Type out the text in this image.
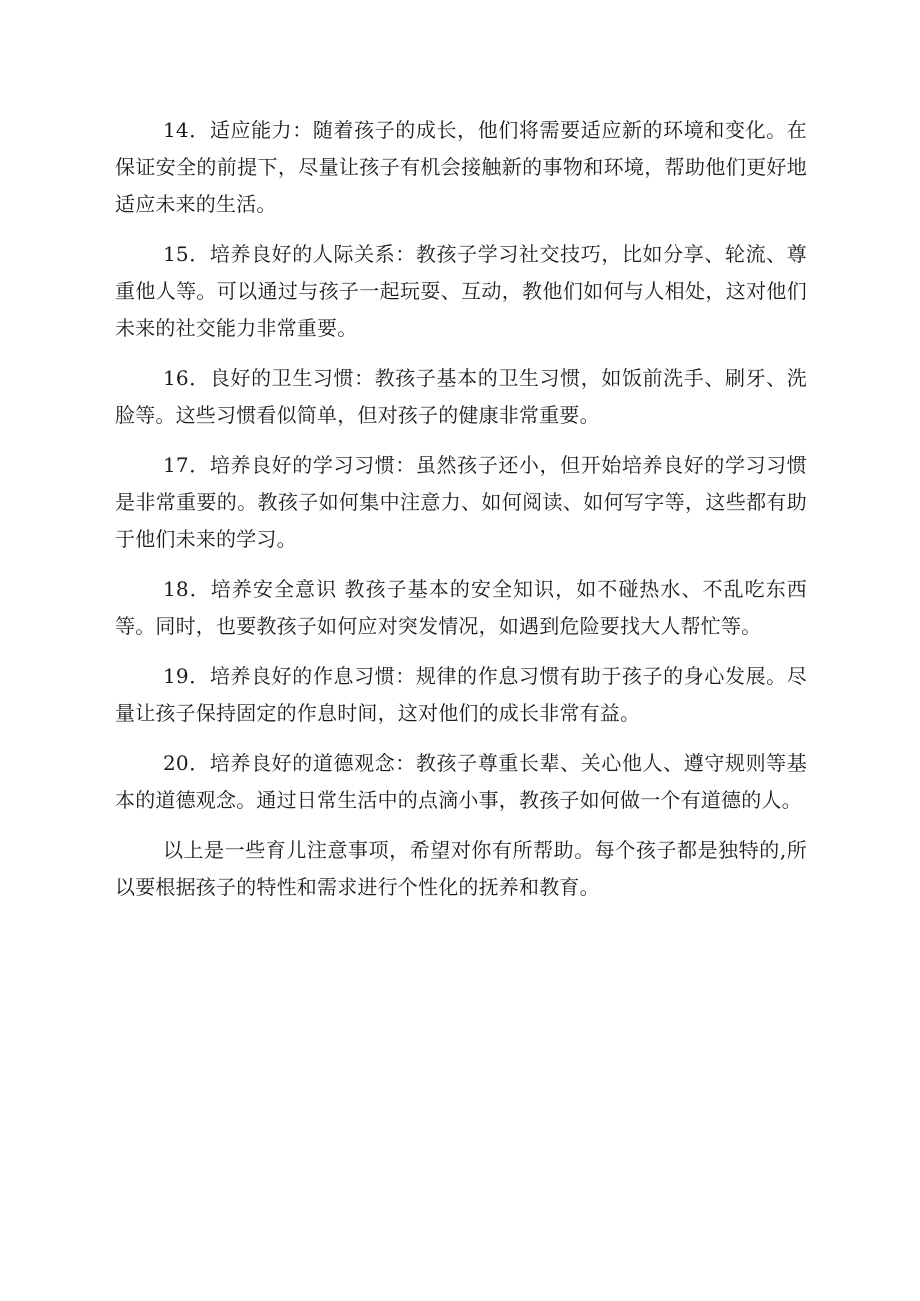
14．适应能力：随着孩子的成长，他们将需要适应新的环境和变化。在保证安全的前提下，尽量让孩子有机会接触新的事物和环境，帮助他们更好地适应未来的生活。

15．培养良好的人际关系：教孩子学习社交技巧，比如分享、轮流、尊重他人等。可以通过与孩子一起玩耍、互动，教他们如何与人相处，这对他们未来的社交能力非常重要。

16．良好的卫生习惯：教孩子基本的卫生习惯，如饭前洗手、刷牙、洗脸等。这些习惯看似简单，但对孩子的健康非常重要。

17．培养良好的学习习惯：虽然孩子还小，但开始培养良好的学习习惯是非常重要的。教孩子如何集中注意力、如何阅读、如何写字等，这些都有助于他们未来的学习。

18．培养安全意识 教孩子基本的安全知识，如不碰热水、不乱吃东西等。同时，也要教孩子如何应对突发情况，如遇到危险要找大人帮忙等。

19．培养良好的作息习惯：规律的作息习惯有助于孩子的身心发展。尽量让孩子保持固定的作息时间，这对他们的成长非常有益。

20．培养良好的道德观念：教孩子尊重长辈、关心他人、遵守规则等基本的道德观念。通过日常生活中的点滴小事，教孩子如何做一个有道德的人。

以上是一些育儿注意事项，希望对你有所帮助。每个孩子都是独特的,所以要根据孩子的特性和需求进行个性化的抚养和教育。
